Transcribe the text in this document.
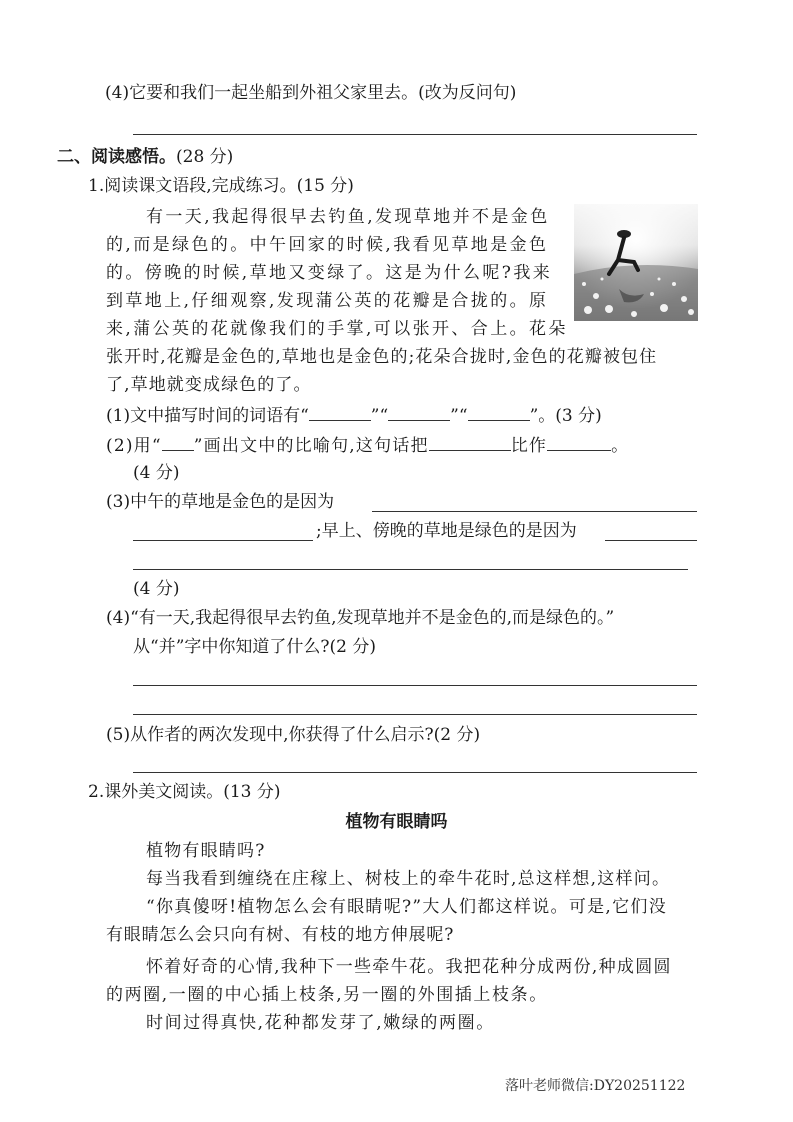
(4)它要和我们一起坐船到外祖父家里去。(改为反问句)
二、阅读感悟。(28 分)
1.阅读课文语段,完成练习。(15 分)
有一天,我起得很早去钓鱼,发现草地并不是金色
的,而是绿色的。中午回家的时候,我看见草地是金色
的。傍晚的时候,草地又变绿了。这是为什么呢?我来
到草地上,仔细观察,发现蒲公英的花瓣是合拢的。原
来,蒲公英的花就像我们的手掌,可以张开、合上。花朵
张开时,花瓣是金色的,草地也是金色的;花朵合拢时,金色的花瓣被包住
了,草地就变成绿色的了。
(1)文中描写时间的词语有“	”“	”“	”。(3 分)
(2)用“ ”画出文中的比喻句,这句话把	比作	。
(4 分)
(3)中午的草地是金色的是因为
;早上、傍晚的草地是绿色的是因为
(4 分)
(4)“有一天,我起得很早去钓鱼,发现草地并不是金色的,而是绿色的。”
从“并”字中你知道了什么?(2 分)
(5)从作者的两次发现中,你获得了什么启示?(2 分)
2.课外美文阅读。(13 分)
植物有眼睛吗
植物有眼睛吗?
每当我看到缠绕在庄稼上、树枝上的牵牛花时,总这样想,这样问。
“你真傻呀!植物怎么会有眼睛呢?”大人们都这样说。可是,它们没
有眼睛怎么会只向有树、有枝的地方伸展呢?
怀着好奇的心情,我种下一些牵牛花。我把花种分成两份,种成圆圆
的两圈,一圈的中心插上枝条,另一圈的外围插上枝条。
时间过得真快,花种都发芽了,嫩绿的两圈。
落叶老师微信:DY20251122
